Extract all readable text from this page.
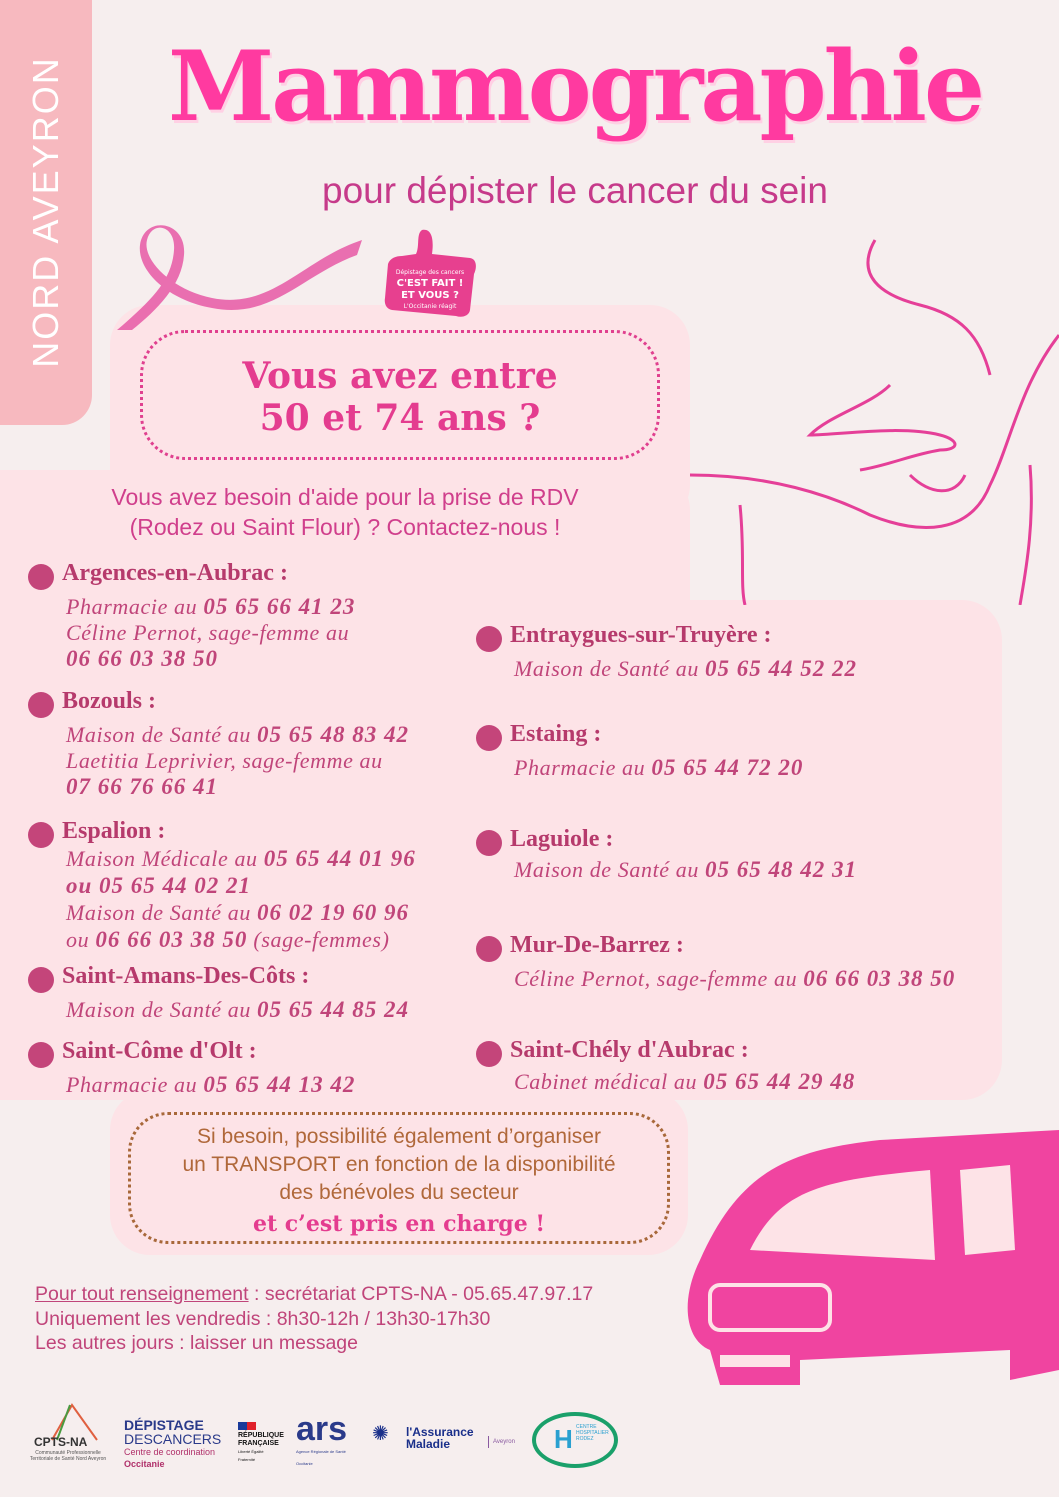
NORD AVEYRON Mammographie
pour dépister le cancer du sein
Dépistage des cancers
C'EST FAIT !
ET VOUS ?
L'Occitanie réagit
Vous avez entre
50 et 74 ans ?
Vous avez besoin d'aide pour la prise de RDV
(Rodez ou Saint Flour) ? Contactez-nous !
Argences-en-Aubrac :
Pharmacie au 05 65 66 41 23
Céline Pernot, sage-femme au
06 66 03 38 50
Bozouls :
Maison de Santé au 05 65 48 83 42
Laetitia Leprivier, sage-femme au
07 66 76 66 41
Espalion :
Maison Médicale au 05 65 44 01 96
ou 05 65 44 02 21
Maison de Santé au 06 02 19 60 96
ou 06 66 03 38 50 (sage-femmes)
Saint-Amans-Des-Côts :
Maison de Santé au 05 65 44 85 24
Saint-Côme d'Olt :
Pharmacie au 05 65 44 13 42
Entraygues-sur-Truyère :
Maison de Santé au 05 65 44 52 22
Estaing :
Pharmacie au 05 65 44 72 20
Laguiole :
Maison de Santé au 05 65 48 42 31
Mur-De-Barrez :
Céline Pernot, sage-femme au 06 66 03 38 50
Saint-Chély d'Aubrac :
Cabinet médical au 05 65 44 29 48
Si besoin, possibilité également d’organiser
un TRANSPORT en fonction de la disponibilité
des bénévoles du secteur
et c’est pris en charge !
Pour tout renseignement : secrétariat CPTS-NA - 05.65.47.97.17
Uniquement les vendredis : 8h30-12h / 13h30-17h30
Les autres jours : laisser un message
CPTS-NA
Communauté Professionnelle Territoriale de Santé Nord Aveyron
DÉPISTAGE
DESCANCERS
Centre de coordination
Occitanie
RÉPUBLIQUE
FRANÇAISE
Liberté Égalité Fraternité
ars
Agence Régionale de Santé Occitanie
✺ l'Assurance
Maladie	Aveyron H CENTRE HOSPITALIER RODEZ
